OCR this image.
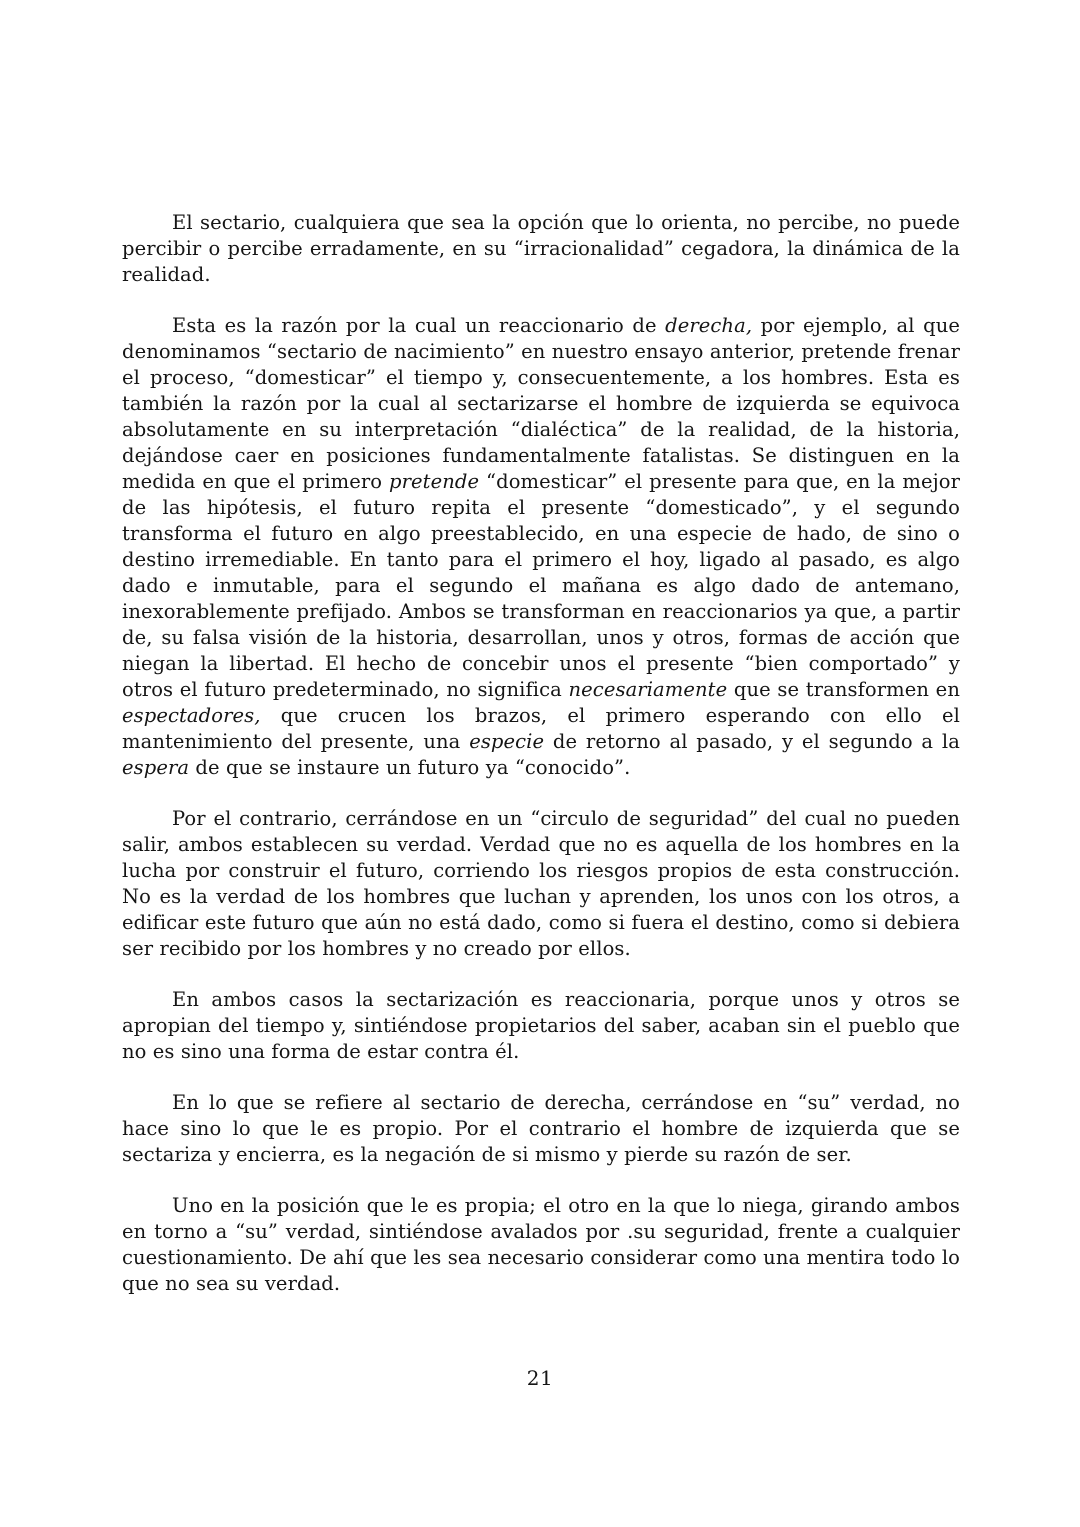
El sectario, cualquiera que sea la opción que lo orienta, no percibe, no puede percibir o percibe erradamente, en su “irracionalidad” cegadora, la dinámica de la realidad.

Esta es la razón por la cual un reaccionario de derecha, por ejemplo, al que denominamos “sectario de nacimiento” en nuestro ensayo anterior, pretende frenar el proceso, “domesticar” el tiempo y, consecuentemente, a los hombres. Esta es también la razón por la cual al sectarizarse el hombre de izquierda se equivoca absolutamente en su interpretación “dialéctica” de la realidad, de la historia, dejándose caer en posiciones fundamentalmente fatalistas. Se distinguen en la medida en que el primero pretende “domesticar” el presente para que, en la mejor de las hipótesis, el futuro repita el presente “domesticado”, y el segundo transforma el futuro en algo preestablecido, en una especie de hado, de sino o destino irremediable. En tanto para el primero el hoy, ligado al pasado, es algo dado e inmutable, para el segundo el mañana es algo dado de antemano, inexorablemente prefijado. Ambos se transforman en reaccionarios ya que, a partir de, su falsa visión de la historia, desarrollan, unos y otros, formas de acción que niegan la libertad. El hecho de concebir unos el presente “bien comportado” y otros el futuro predeterminado, no significa necesariamente que se transformen en espectadores, que crucen los brazos, el primero esperando con ello el mantenimiento del presente, una especie de retorno al pasado, y el segundo a la espera de que se instaure un futuro ya “conocido”.

Por el contrario, cerrándose en un “circulo de seguridad” del cual no pueden salir, ambos establecen su verdad. Verdad que no es aquella de los hombres en la lucha por construir el futuro, corriendo los riesgos propios de esta construcción. No es la verdad de los hombres que luchan y aprenden, los unos con los otros, a edificar este futuro que aún no está dado, como si fuera el destino, como si debiera ser recibido por los hombres y no creado por ellos.

En ambos casos la sectarización es reaccionaria, porque unos y otros se apropian del tiempo y, sintiéndose propietarios del saber, acaban sin el pueblo que no es sino una forma de estar contra él.

En lo que se refiere al sectario de derecha, cerrándose en “su” verdad, no hace sino lo que le es propio. Por el contrario el hombre de izquierda que se sectariza y encierra, es la negación de si mismo y pierde su razón de ser.

Uno en la posición que le es propia; el otro en la que lo niega, girando ambos en torno a “su” verdad, sintiéndose avalados por .su seguridad, frente a cualquier cuestionamiento. De ahí que les sea necesario considerar como una mentira todo lo que no sea su verdad.

21
